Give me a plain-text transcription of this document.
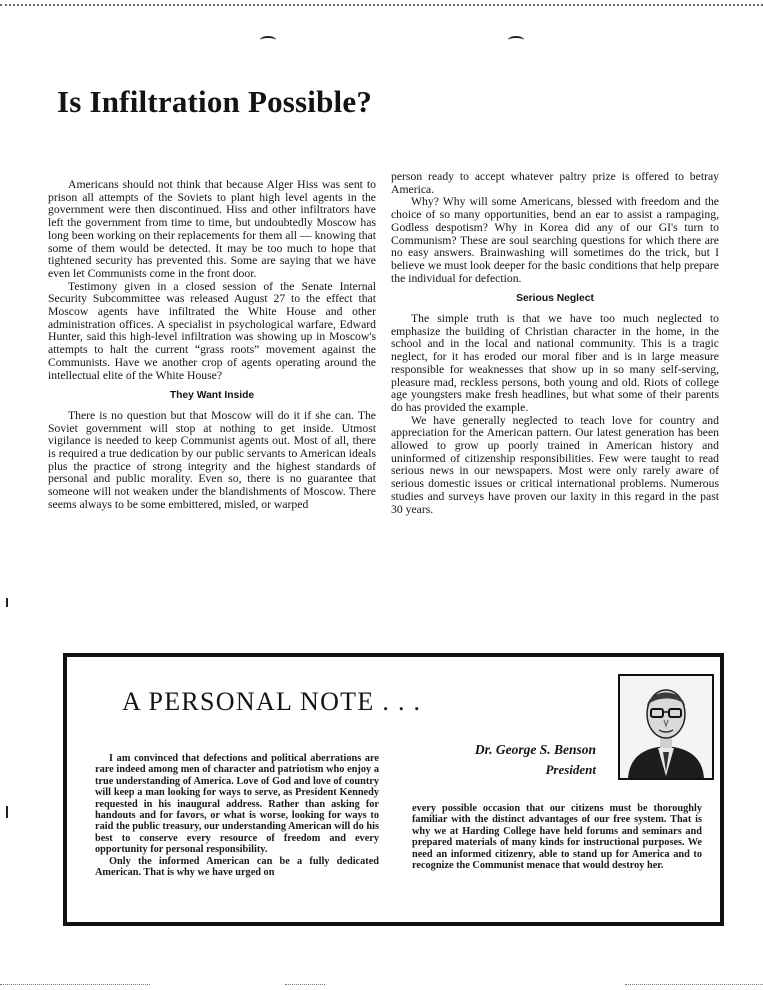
Is Infiltration Possible?

Americans should not think that because Alger Hiss was sent to prison all attempts of the Soviets to plant high level agents in the government were then discontinued. Hiss and other infiltrators have left the government from time to time, but undoubtedly Moscow has long been working on their replacements for them all — knowing that some of them would be detected. It may be too much to hope that tightened security has prevented this. Some are saying that we have even let Communists come in the front door.

Testimony given in a closed session of the Senate Internal Security Subcommittee was released August 27 to the effect that Moscow agents have infiltrated the White House and other administration offices. A specialist in psychological warfare, Edward Hunter, said this high-level infiltration was showing up in Moscow's attempts to halt the current “grass roots” movement against the Communists. Have we another crop of agents operating around the intellectual elite of the White House?

They Want Inside

There is no question but that Moscow will do it if she can. The Soviet government will stop at nothing to get inside. Utmost vigilance is needed to keep Communist agents out. Most of all, there is required a true dedication by our public servants to American ideals plus the practice of strong integrity and the highest standards of personal and public morality. Even so, there is no guarantee that someone will not weaken under the blandishments of Moscow. There seems always to be some embittered, misled, or warped

person ready to accept whatever paltry prize is offered to betray America.

Why? Why will some Americans, blessed with freedom and the choice of so many opportunities, bend an ear to assist a rampaging, Godless despotism? Why in Korea did any of our GI's turn to Communism? These are soul searching questions for which there are no easy answers. Brainwashing will sometimes do the trick, but I believe we must look deeper for the basic conditions that help prepare the individual for defection.

Serious Neglect

The simple truth is that we have too much neglected to emphasize the building of Christian character in the home, in the school and in the local and national community. This is a tragic neglect, for it has eroded our moral fiber and is in large measure responsible for weaknesses that show up in so many self-serving, pleasure mad, reckless persons, both young and old. Riots of college age youngsters make fresh headlines, but what some of their parents do has provided the example.

We have generally neglected to teach love for country and appreciation for the American pattern. Our latest generation has been allowed to grow up poorly trained in American history and uninformed of citizenship responsibilities. Few were taught to read serious news in our newspapers. Most were only rarely aware of serious domestic issues or critical international problems. Numerous studies and surveys have proven our laxity in this regard in the past 30 years.

A PERSONAL NOTE . . .
Dr. George S. Benson
President

I am convinced that defections and political aberrations are rare indeed among men of character and patriotism who enjoy a true understanding of America. Love of God and love of country will keep a man looking for ways to serve, as President Kennedy requested in his inaugural address. Rather than asking for handouts and for favors, or what is worse, looking for ways to raid the public treasury, our understanding American will do his best to conserve every resource of freedom and every opportunity for personal responsibility.

Only the informed American can be a fully dedicated American. That is why we have urged on

every possible occasion that our citizens must be thoroughly familiar with the distinct advantages of our free system. That is why we at Harding College have held forums and seminars and prepared materials of many kinds for instructional purposes. We need an informed citizenry, able to stand up for America and to recognize the Communist menace that would destroy her.
